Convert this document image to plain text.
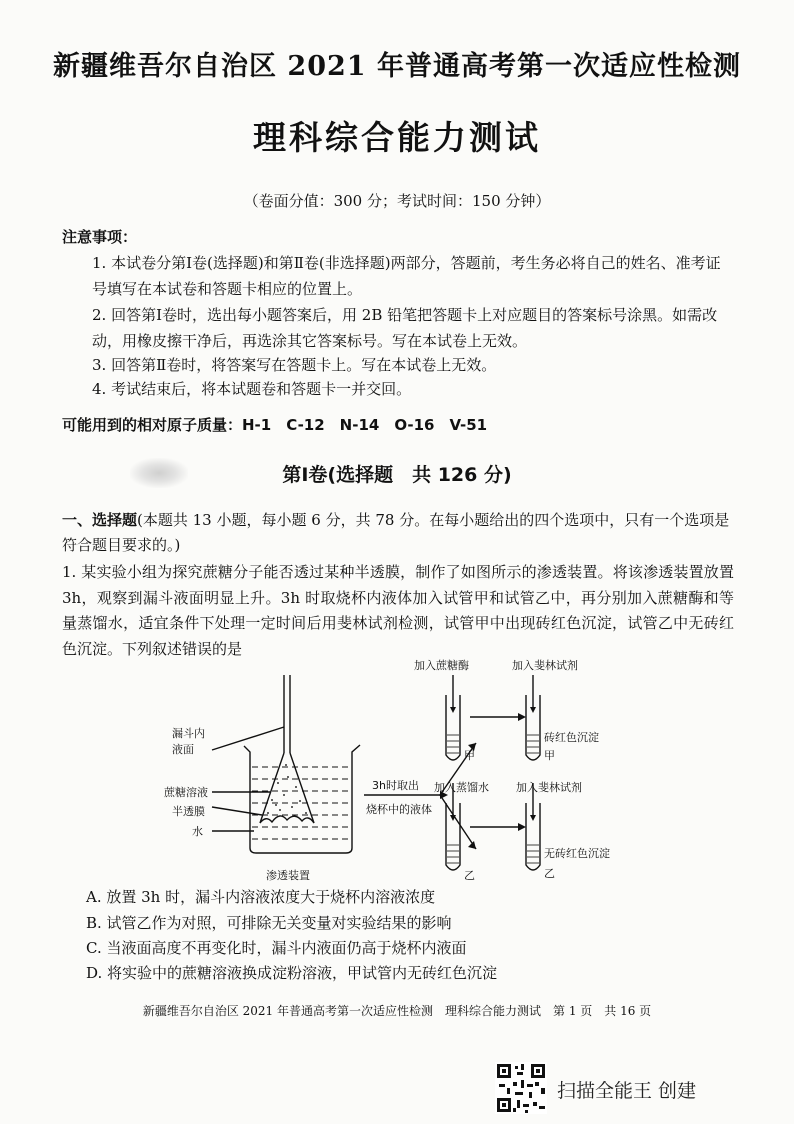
新疆维吾尔自治区 2021 年普通高考第一次适应性检测
理科综合能力测试
（卷面分值：300 分；考试时间：150 分钟）
注意事项：
1. 本试卷分第Ⅰ卷(选择题)和第Ⅱ卷(非选择题)两部分，答题前，考生务必将自己的姓名、准考证号填写在本试卷和答题卡相应的位置上。
2. 回答第Ⅰ卷时，选出每小题答案后，用 2B 铅笔把答题卡上对应题目的答案标号涂黑。如需改动，用橡皮擦干净后，再选涂其它答案标号。写在本试卷上无效。
3. 回答第Ⅱ卷时，将答案写在答题卡上。写在本试卷上无效。
4. 考试结束后，将本试题卷和答题卡一并交回。
可能用到的相对原子质量：H-1　C-12　N-14　O-16　V-51
第Ⅰ卷(选择题　共 126 分)
一、选择题(本题共 13 小题，每小题 6 分，共 78 分。在每小题给出的四个选项中，只有一个选项是符合题目要求的。)
1. 某实验小组为探究蔗糖分子能否透过某种半透膜，制作了如图所示的渗透装置。将该渗透装置放置 3h，观察到漏斗液面明显上升。3h 时取烧杯内液体加入试管甲和试管乙中，再分别加入蔗糖酶和等量蒸馏水，适宜条件下处理一定时间后用斐林试剂检测，试管甲中出现砖红色沉淀，试管乙中无砖红色沉淀。下列叙述错误的是
漏斗内
液面
蔗糖溶液
半透膜
水
渗透装置
3h时取出
烧杯中的液体
加入蔗糖酶	加入斐林试剂
甲
砖红色沉淀
甲
加入蒸馏水 加入斐林试剂
乙
无砖红色沉淀
乙
A. 放置 3h 时，漏斗内溶液浓度大于烧杯内溶液浓度
B. 试管乙作为对照，可排除无关变量对实验结果的影响
C. 当液面高度不再变化时，漏斗内液面仍高于烧杯内液面
D. 将实验中的蔗糖溶液换成淀粉溶液，甲试管内无砖红色沉淀
新疆维吾尔自治区 2021 年普通高考第一次适应性检测　理科综合能力测试　第 1 页　共 16 页
扫描全能王 创建
